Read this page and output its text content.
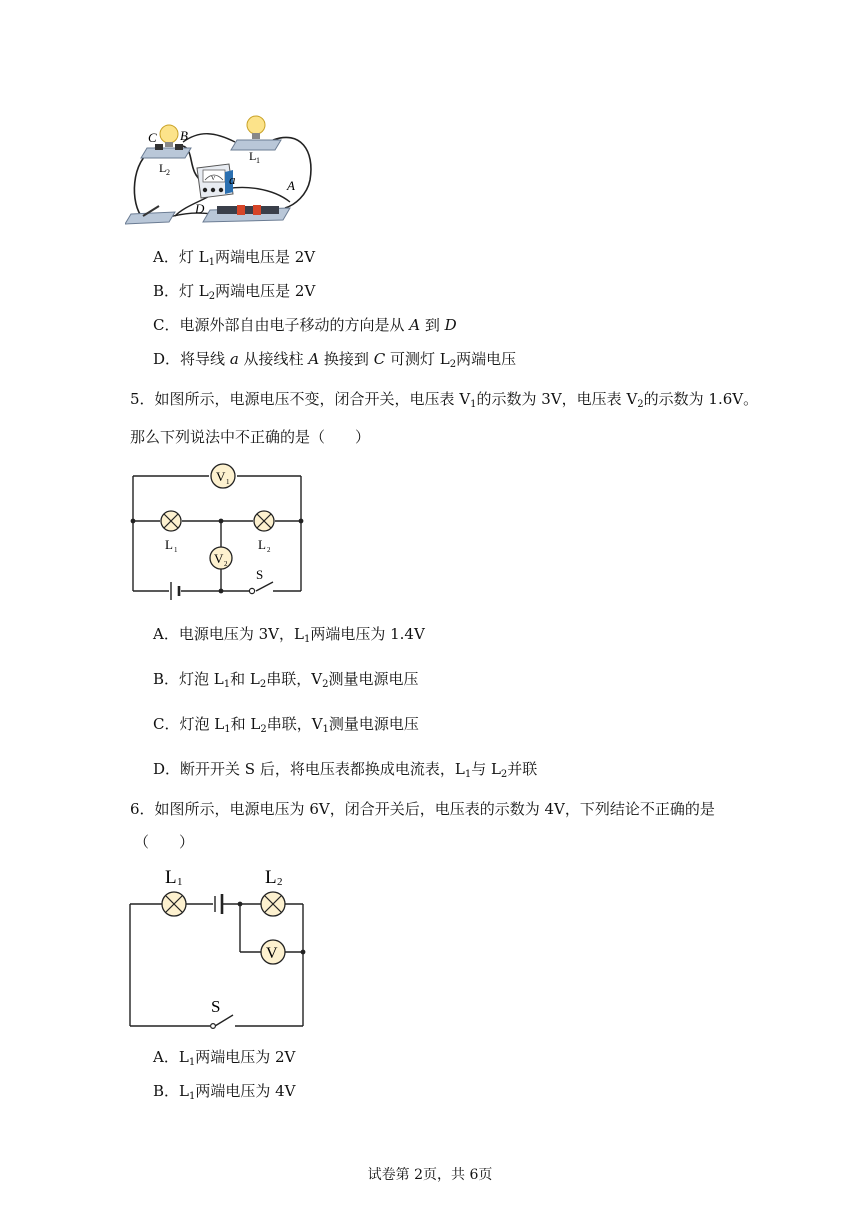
C B
L 2
L 1
a	A
D
V
A．灯 $L_1$两端电压是 2V
B．灯 $L_2$两端电压是 2V
C．电源外部自由电子移动的方向是从 A 到 D
D．将导线 a 从接线柱 A 换接到 C 可测灯 $L_2$两端电压
5．如图所示，电源电压不变，闭合开关，电压表 $V_1$的示数为 3V，电压表 $V_2$的示数为 1.6V。
那么下列说法中不正确的是（　　）
V 1
L 1	L 2
V 2
S
A．电源电压为 3V，$L_1$两端电压为 1.4V
B．灯泡 $L_1$和 $L_2$串联，$V_2$测量电源电压
C．灯泡 $L_1$和 $L_2$串联，$V_1$测量电源电压
D．断开开关 S 后，将电压表都换成电流表，$L_1$与 $L_2$并联
6．如图所示，电源电压为 6V，闭合开关后，电压表的示数为 4V，下列结论不正确的是
（　　）
L 1	L 2
V
S
A．$L_1$两端电压为 2V
B．$L_1$两端电压为 4V
试卷第 2页，共 6页
